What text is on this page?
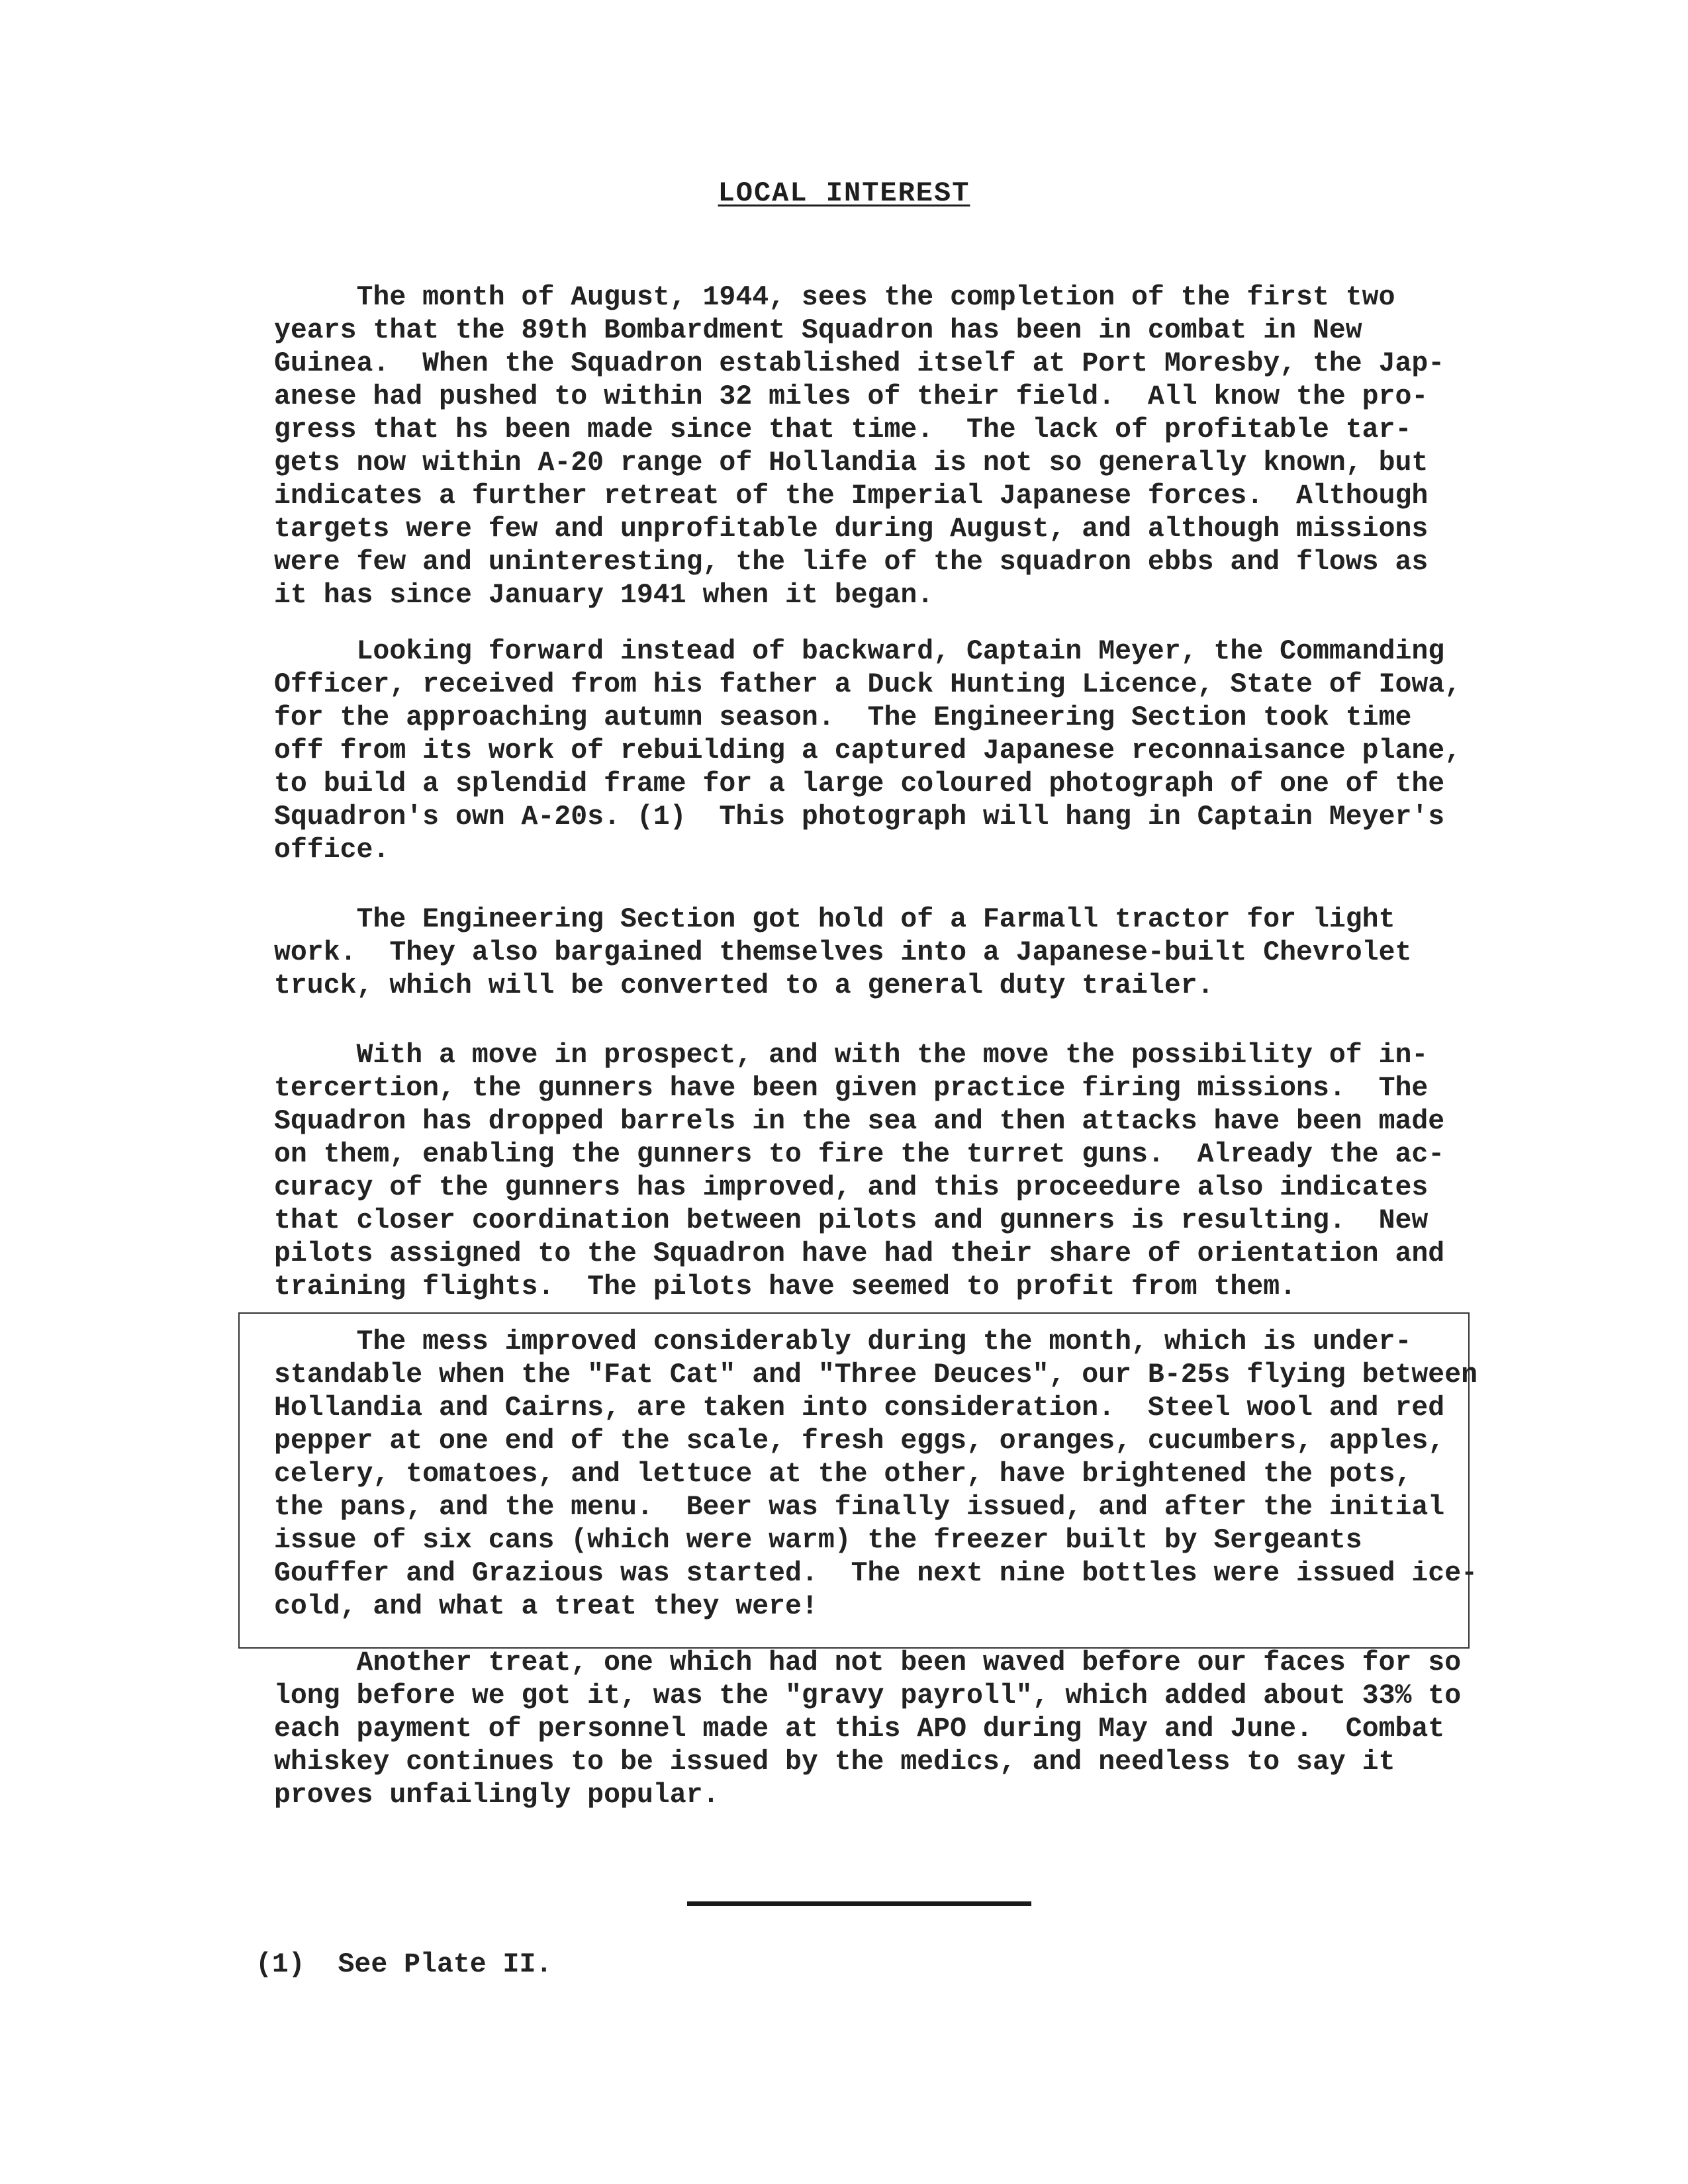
LOCAL INTEREST

The month of August, 1944, sees the completion of the first two
years that the 89th Bombardment Squadron has been in combat in New
Guinea.  When the Squadron established itself at Port Moresby, the Jap-
anese had pushed to within 32 miles of their field.  All know the pro-
gress that hs been made since that time.  The lack of profitable tar-
gets now within A-20 range of Hollandia is not so generally known, but
indicates a further retreat of the Imperial Japanese forces.  Although
targets were few and unprofitable during August, and although missions
were few and uninteresting, the life of the squadron ebbs and flows as
it has since January 1941 when it began.

Looking forward instead of backward, Captain Meyer, the Commanding
Officer, received from his father a Duck Hunting Licence, State of Iowa,
for the approaching autumn season.  The Engineering Section took time
off from its work of rebuilding a captured Japanese reconnaisance plane,
to build a splendid frame for a large coloured photograph of one of the
Squadron's own A-20s. (1)  This photograph will hang in Captain Meyer's
office.

The Engineering Section got hold of a Farmall tractor for light
work.  They also bargained themselves into a Japanese-built Chevrolet
truck, which will be converted to a general duty trailer.

With a move in prospect, and with the move the possibility of in-
tercertion, the gunners have been given practice firing missions.  The
Squadron has dropped barrels in the sea and then attacks have been made
on them, enabling the gunners to fire the turret guns.  Already the ac-
curacy of the gunners has improved, and this proceedure also indicates
that closer coordination between pilots and gunners is resulting.  New
pilots assigned to the Squadron have had their share of orientation and
training flights.  The pilots have seemed to profit from them.

The mess improved considerably during the month, which is under-
standable when the "Fat Cat" and "Three Deuces", our B-25s flying between
Hollandia and Cairns, are taken into consideration.  Steel wool and red
pepper at one end of the scale, fresh eggs, oranges, cucumbers, apples,
celery, tomatoes, and lettuce at the other, have brightened the pots,
the pans, and the menu.  Beer was finally issued, and after the initial
issue of six cans (which were warm) the freezer built by Sergeants
Gouffer and Grazious was started.  The next nine bottles were issued ice-
cold, and what a treat they were!

Another treat, one which had not been waved before our faces for so
long before we got it, was the "gravy payroll", which added about 33% to
each payment of personnel made at this APO during May and June.  Combat
whiskey continues to be issued by the medics, and needless to say it
proves unfailingly popular.

(1)  See Plate II.
